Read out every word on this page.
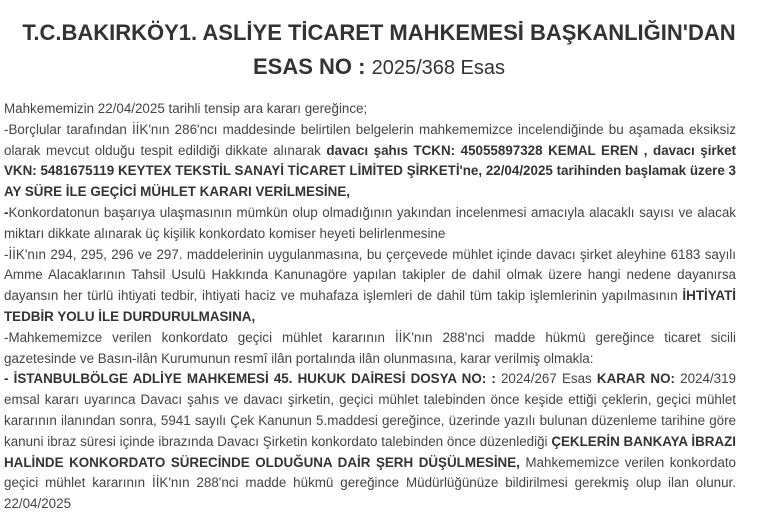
T.C.BAKIRKÖY1. ASLİYE TİCARET MAHKEMESİ BAŞKANLIĞIN'DAN
ESAS NO : 2025/368 Esas

Mahkememizin 22/04/2025 tarihli tensip ara kararı gereğince;

-Borçlular tarafından İİK'nın 286'ncı maddesinde belirtilen belgelerin mahkememizce incelendiğinde bu aşamada eksiksiz olarak mevcut olduğu tespit edildiği dikkate alınarak davacı şahıs TCKN: 45055897328 KEMAL EREN , davacı şirket VKN: 5481675119 KEYTEX TEKSTİL SANAYİ TİCARET LİMİTED ŞİRKETİ'ne, 22/04/2025 tarihinden başlamak üzere 3 AY SÜRE İLE GEÇİCİ MÜHLET KARARI VERİLMESİNE,

-Konkordatonun başarıya ulaşmasının mümkün olup olmadığının yakından incelenmesi amacıyla alacaklı sayısı ve alacak miktarı dikkate alınarak üç kişilik konkordato komiser heyeti belirlenmesine

-İİK'nın 294, 295, 296 ve 297. maddelerinin uygulanmasına, bu çerçevede mühlet içinde davacı şirket aleyhine 6183 sayılı Amme Alacaklarının Tahsil Usulü Hakkında Kanunagöre yapılan takipler de dahil olmak üzere hangi nedene dayanırsa dayansın her türlü ihtiyati tedbir, ihtiyati haciz ve muhafaza işlemleri de dahil tüm takip işlemlerinin yapılmasının İHTİYATİ TEDBİR YOLU İLE DURDURULMASINA,

-Mahkememizce verilen konkordato geçici mühlet kararının İİK'nın 288'nci madde hükmü gereğince ticaret sicili gazetesinde ve Basın-ilân Kurumunun resmî ilân portalında ilân olunmasına, karar verilmiş olmakla:

- İSTANBULBÖLGE ADLİYE MAHKEMESİ 45. HUKUK DAİRESİ DOSYA NO: : 2024/267 Esas KARAR NO: 2024/319 emsal kararı uyarınca Davacı şahıs ve davacı şirketin, geçici mühlet talebinden önce keşide ettiği çeklerin, geçici mühlet kararının ilanından sonra, 5941 sayılı Çek Kanunun 5.maddesi gereğince, üzerinde yazılı bulunan düzenleme tarihine göre kanuni ibraz süresi içinde ibrazında Davacı Şirketin konkordato talebinden önce düzenlediği ÇEKLERİN BANKAYA İBRAZI HALİNDE KONKORDATO SÜRECİNDE OLDUĞUNA DAİR ŞERH DÜŞÜLMESİNE, Mahkememizce verilen konkordato geçici mühlet kararının İİK'nın 288'nci madde hükmü gereğince Müdürlüğünüze bildirilmesi gerekmiş olup ilan olunur. 22/04/2025
